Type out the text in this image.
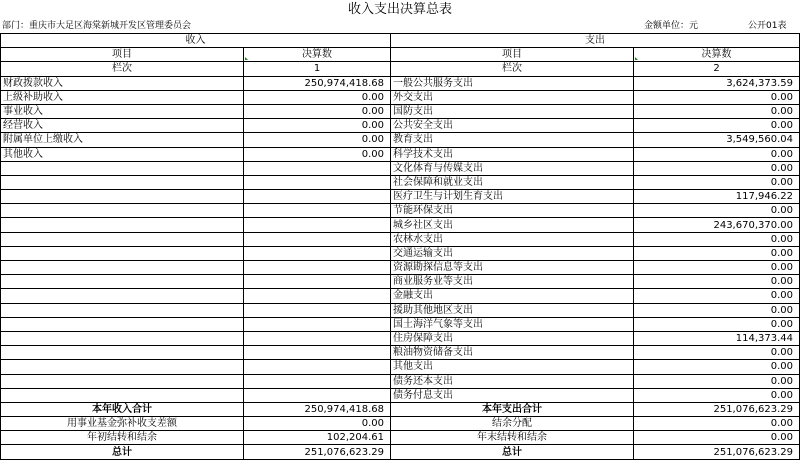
收入支出决算总表
部门：重庆市大足区海棠新城开发区管理委员会	金额单位：元	公开01表
收入		支出	
项目	决算数	项目	决算数
栏次	1	栏次	2
财政拨款收入	250,974,418.68	一般公共服务支出	3,624,373.59
上级补助收入	0.00	外交支出	0.00
事业收入	0.00	国防支出	0.00
经营收入	0.00	公共安全支出	0.00
附属单位上缴收入	0.00	教育支出	3,549,560.04
其他收入	0.00	科学技术支出	0.00
		文化体育与传媒支出	0.00
		社会保障和就业支出	0.00
		医疗卫生与计划生育支出	117,946.22
		节能环保支出	0.00
		城乡社区支出	243,670,370.00
		农林水支出	0.00
		交通运输支出	0.00
		资源勘探信息等支出	0.00
		商业服务业等支出	0.00
		金融支出	0.00
		援助其他地区支出	0.00
		国土海洋气象等支出	0.00
		住房保障支出	114,373.44
		粮油物资储备支出	0.00
		其他支出	0.00
		债务还本支出	0.00
		债务付息支出	0.00
本年收入合计	250,974,418.68	本年支出合计	251,076,623.29
用事业基金弥补收支差额	0.00	结余分配	0.00
年初结转和结余	102,204.61	年末结转和结余	0.00
总计	251,076,623.29	总计	251,076,623.29
